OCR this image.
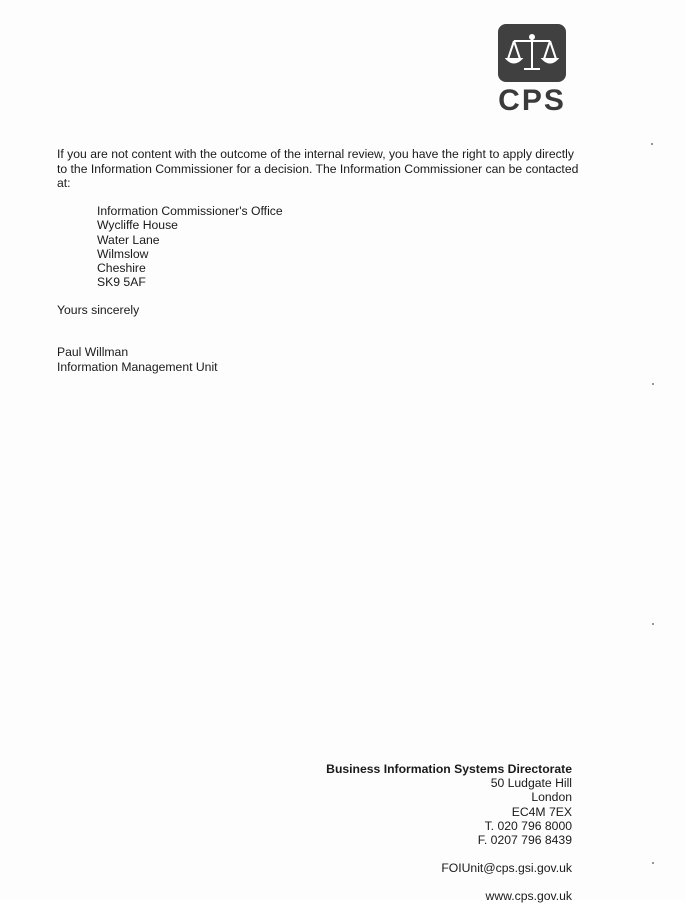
CPS

If you are not content with the outcome of the internal review, you have the right to apply directly to the Information Commissioner for a decision. The Information Commissioner can be contacted at:

Information Commissioner's Office
Wycliffe House
Water Lane
Wilmslow
Cheshire
SK9 5AF
Yours sincerely
Paul Willman
Information Management Unit
Business Information Systems Directorate
50 Ludgate Hill
London
EC4M 7EX
T. 020 796 8000
F. 0207 796 8439
FOIUnit@cps.gsi.gov.uk
www.cps.gov.uk
